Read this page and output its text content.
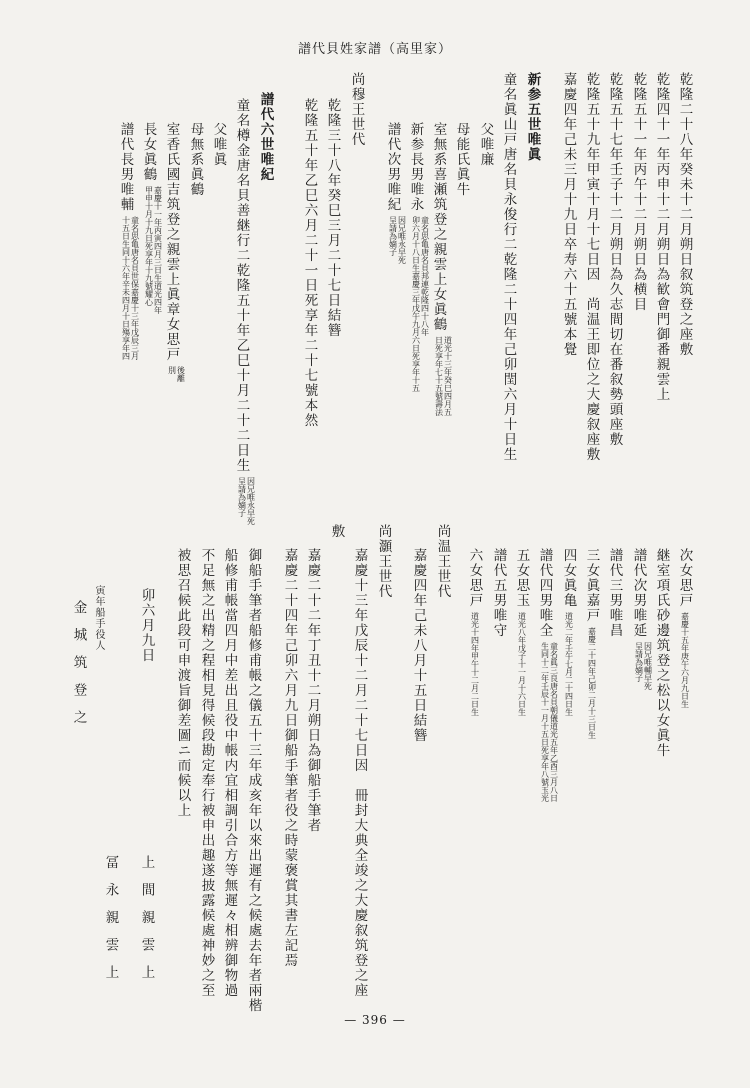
譜代貝姓家譜（高里家）
乾隆二十八年癸未十二月朔日叙筑登之座敷
乾隆四十一年丙申十二月朔日為歓會門御番親雲上
乾隆五十一年丙午十二月朔日為横目
乾隆五十七年壬子十二月朔日為久志間切在番叙勢頭座敷
乾隆五十九年甲寅十月十七日因　尚温王即位之大慶叙座敷
嘉慶四年己未三月十九日卒寿六十五號本覺
新参五世唯眞
童名眞山戸唐名貝永俊行二乾隆二十四年己卯閏六月十日生
父唯廉
母能氏眞牛
室無系喜瀬筑登之親雲上女眞鶴道光十三年癸巳四月五
日死享年七十五號壽法
新参長男唯永童名思亀唐名貝邦連乾隆四十八年
卯六月十八日生嘉慶三年戊午九月六日死享年十五
譜代次男唯紀因兄唯永早死
呈請為嫡子
尚穆王世代
乾隆三十八年癸巳三月二十七日結簪
乾隆五十年乙巳六月二十一日死享年二十七號本然
譜代六世唯紀
童名樽金唐名貝善継行二乾隆五十年乙巳十月二十二日生因兄唯永早死
呈請為嫡子
父唯眞
母無系眞鶴
室香氏國吉筑登之親雲上眞章女思戸後離
別
長女眞鶴嘉慶十一年丙寅四月三日生道光四年
甲申十月十九日死享年十九號耀心
譜代長男唯輔童名思亀唐名貝世保嘉慶十三年戊辰三月
十五日生同十六年辛未四月十日殤享年四
次女思戸嘉慶十五年庚午六月九日生
継室項氏砂邊筑登之松以女眞牛
譜代次男唯延因兄唯輔早死
呈請為嫡子
譜代三男唯昌
三女眞嘉戸嘉慶二十四年己卯二月十三日生
四女眞亀道光二年壬午七月二十四日生
譜代四男唯全童名眞三良唐名貝朝儀道光五年乙酉三月八日
生同十二年壬辰十一月十五日死享年八號玉光
五女思玉道光八年戊子十一月十六日生
譜代五男唯守
六女思戸道光十四年甲午十二月二日生
尚温王世代
嘉慶四年己未八月十五日結簪
尚灝王世代
嘉慶十三年戊辰十二月二十七日因　冊封大典全竣之大慶叙筑登之座
敷
嘉慶二十二年丁丑十二月朔日為御船手筆者
嘉慶二十四年己卯六月九日御船手筆者役之時蒙褒賞其書左記焉
御船手筆者船修甫帳之儀五十三年成亥年以來出遲有之候處去年者兩楷
船修甫帳當四月中差出且役中帳内宜相調引合方等無遲々相辨御物過
不足無之出精之程相見得候段勘定奉行被申出趣遂披露候處神妙之至
被思召候此段可申渡旨御差圖ニ而候以上
卯六月九日
上間親雲上
冨永親雲上
寅年船手役人
金城筑登之
— 396 —
